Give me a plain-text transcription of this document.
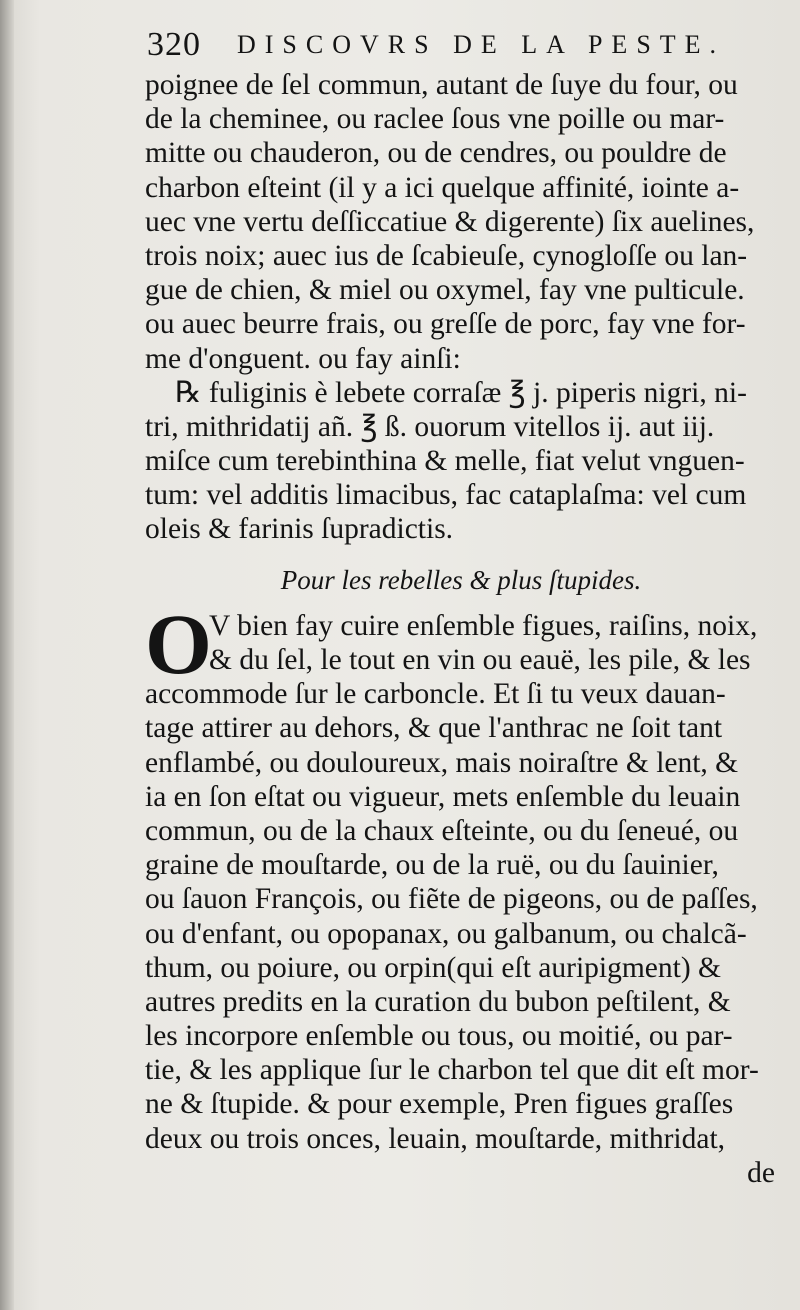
320 DISCOVRS DE LA PESTE.
poignee de ſel commun, autant de ſuye du four, ou
de la cheminee, ou raclee ſous vne poille ou mar-
mitte ou chauderon, ou de cendres, ou pouldre de
charbon eſteint (il y a ici quelque affinité, iointe a-
uec vne vertu deſſiccatiue & digerente) ſix auelines,
trois noix; auec ius de ſcabieuſe, cynogloſſe ou lan-
gue de chien, & miel ou oxymel, fay vne pulticule.
ou auec beurre frais, ou greſſe de porc, fay vne for-
me d'onguent. ou fay ainſi:
℞ fuliginis è lebete corraſæ ℥ j. piperis nigri, ni-
tri, mithridatij añ. ℥ ß. ouorum vitellos ij. aut iij.
miſce cum terebinthina & melle, fiat velut vnguen-
tum: vel additis limacibus, fac cataplaſma: vel cum
oleis & farinis ſupradictis.
Pour les rebelles & plus ſtupides.
O
V bien fay cuire enſemble figues, raiſins, noix,
& du ſel, le tout en vin ou eauë, les pile, & les
accommode ſur le carboncle. Et ſi tu veux dauan-
tage attirer au dehors, & que l'anthrac ne ſoit tant
enflambé, ou douloureux, mais noiraſtre & lent, &
ia en ſon eſtat ou vigueur, mets enſemble du leuain
commun, ou de la chaux eſteinte, ou du ſeneué, ou
graine de mouſtarde, ou de la ruë, ou du ſauinier,
ou ſauon François, ou fiẽte de pigeons, ou de paſſes,
ou d'enfant, ou opopanax, ou galbanum, ou chalcã-
thum, ou poiure, ou orpin(qui eſt auripigment) &
autres predits en la curation du bubon peſtilent, &
les incorpore enſemble ou tous, ou moitié, ou par-
tie, & les applique ſur le charbon tel que dit eſt mor-
ne & ſtupide. & pour exemple, Pren figues graſſes
deux ou trois onces, leuain, mouſtarde, mithridat,
de
